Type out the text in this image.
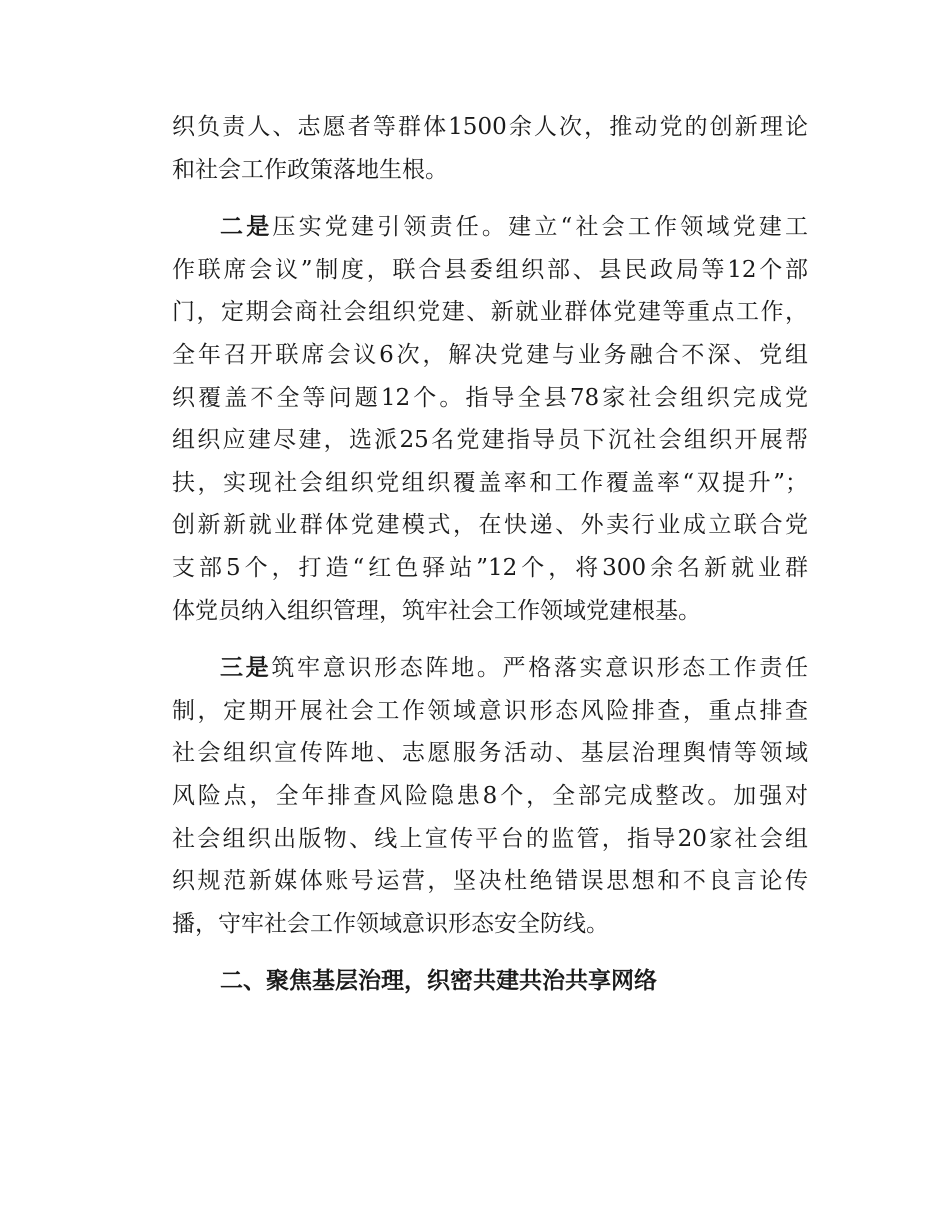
织负责人、志愿者等群体1500余人次，推动党的创新理论
和社会工作政策落地生根。
二是压实党建引领责任。建立“社会工作领域党建工
作联席会议”制度，联合县委组织部、县民政局等12个部
门，定期会商社会组织党建、新就业群体党建等重点工作，
全年召开联席会议6次，解决党建与业务融合不深、党组
织覆盖不全等问题12个。指导全县78家社会组织完成党
组织应建尽建，选派25名党建指导员下沉社会组织开展帮
扶，实现社会组织党组织覆盖率和工作覆盖率“双提升”；
创新新就业群体党建模式，在快递、外卖行业成立联合党
支部5个，打造“红色驿站”12个，将300余名新就业群
体党员纳入组织管理，筑牢社会工作领域党建根基。
三是筑牢意识形态阵地。严格落实意识形态工作责任
制，定期开展社会工作领域意识形态风险排查，重点排查
社会组织宣传阵地、志愿服务活动、基层治理舆情等领域
风险点，全年排查风险隐患8个，全部完成整改。加强对
社会组织出版物、线上宣传平台的监管，指导20家社会组
织规范新媒体账号运营，坚决杜绝错误思想和不良言论传
播，守牢社会工作领域意识形态安全防线。
二、聚焦基层治理，织密共建共治共享网络
